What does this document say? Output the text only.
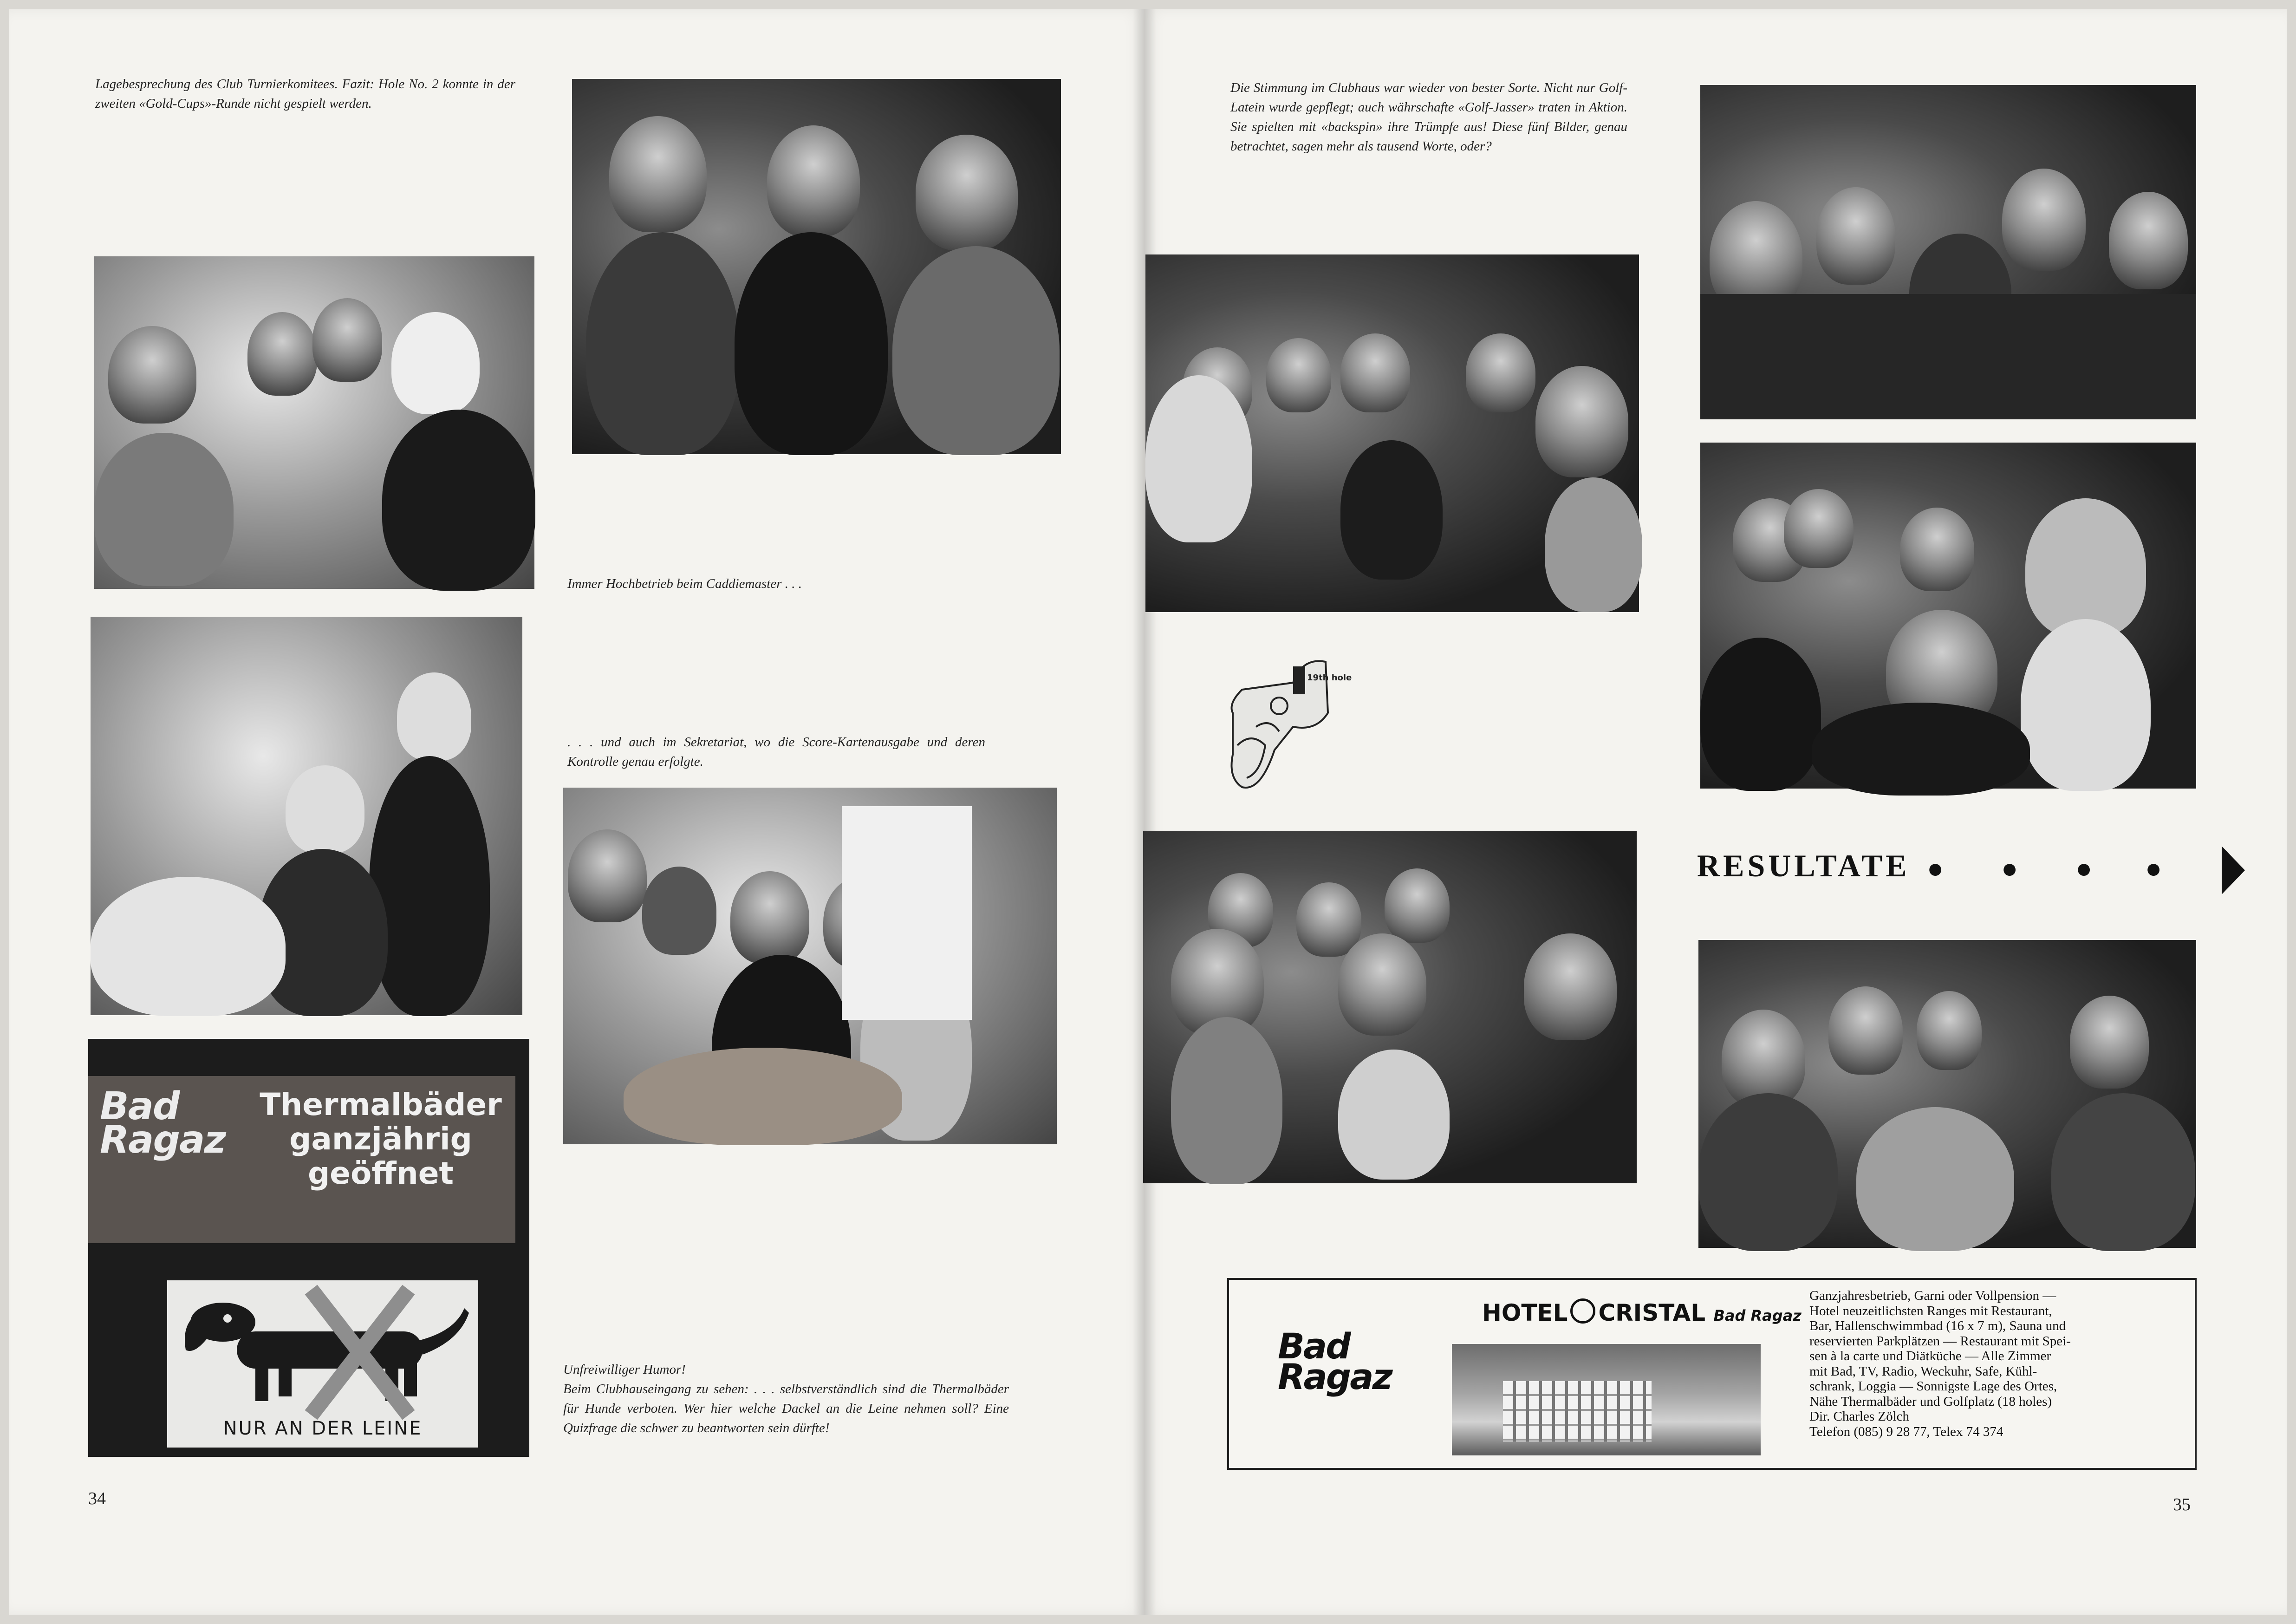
Lagebesprechung des Club Turnierkomitees. Fazit: Hole No. 2 konnte in der zweiten «Gold-Cups»-Runde nicht gespielt werden.
Immer Hochbetrieb beim Caddiemaster . . .
. . . und auch im Sekretariat, wo die Score-Kartenausgabe und deren Kontrolle genau erfolgte.
Bad
Ragaz
Thermalbäder
ganzjährig
geöffnet
NUR AN DER LEINE
Unfreiwilliger Humor!
Beim Clubhauseingang zu sehen: . . . selbstverständlich sind die Thermalbäder für Hunde verboten. Wer hier welche Dackel an die Leine nehmen soll? Eine Quizfrage die schwer zu beantworten sein dürfte!
34
Die Stimmung im Clubhaus war wieder von bester Sorte. Nicht nur Golf-Latein wurde gepflegt; auch währschafte «Golf-Jasser» traten in Aktion. Sie spielten mit «backspin» ihre Trümpfe aus! Diese fünf Bilder, genau betrachtet, sagen mehr als tausend Worte, oder?
19th hole
RESULTATE ● ● ● ●
Bad
Ragaz
HOTEL CRISTAL Bad Ragaz
Ganzjahresbetrieb, Garni oder Vollpension —
Hotel neuzeitlichsten Ranges mit Restaurant,
Bar, Hallenschwimmbad (16 x 7 m), Sauna und
reservierten Parkplätzen — Restaurant mit Spei-
sen à la carte und Diätküche — Alle Zimmer
mit Bad, TV, Radio, Weckuhr, Safe, Kühl-
schrank, Loggia — Sonnigste Lage des Ortes,
Nähe Thermalbäder und Golfplatz (18 holes)
Dir. Charles Zölch
Telefon (085) 9 28 77, Telex 74 374
35
